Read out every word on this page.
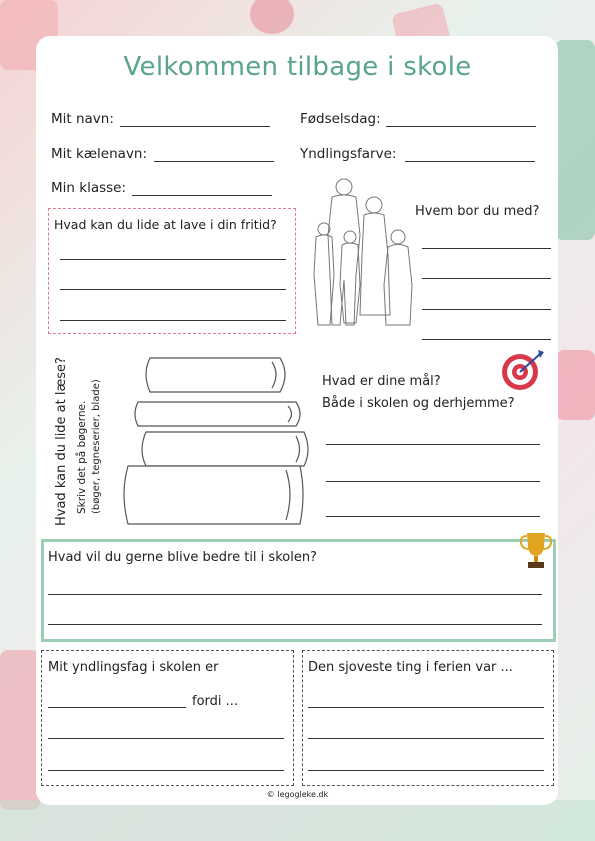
Velkommen tilbage i skole
Mit navn:	Fødselsdag:
Mit kælenavn:	Yndlingsfarve:
Min klasse:
Hvad kan du lide at lave i din fritid?
Hvem bor du med?
Hvad kan du lide at læse? Skriv det på bøgerne. (bøger, tegneserier, blade)	Hvad er dine mål?
Både i skolen og derhjemme?
Hvad vil du gerne blive bedre til i skolen?
Mit yndlingsfag i skolen er
fordi ...
Den sjoveste ting i ferien var ...
© legogleke.dk
